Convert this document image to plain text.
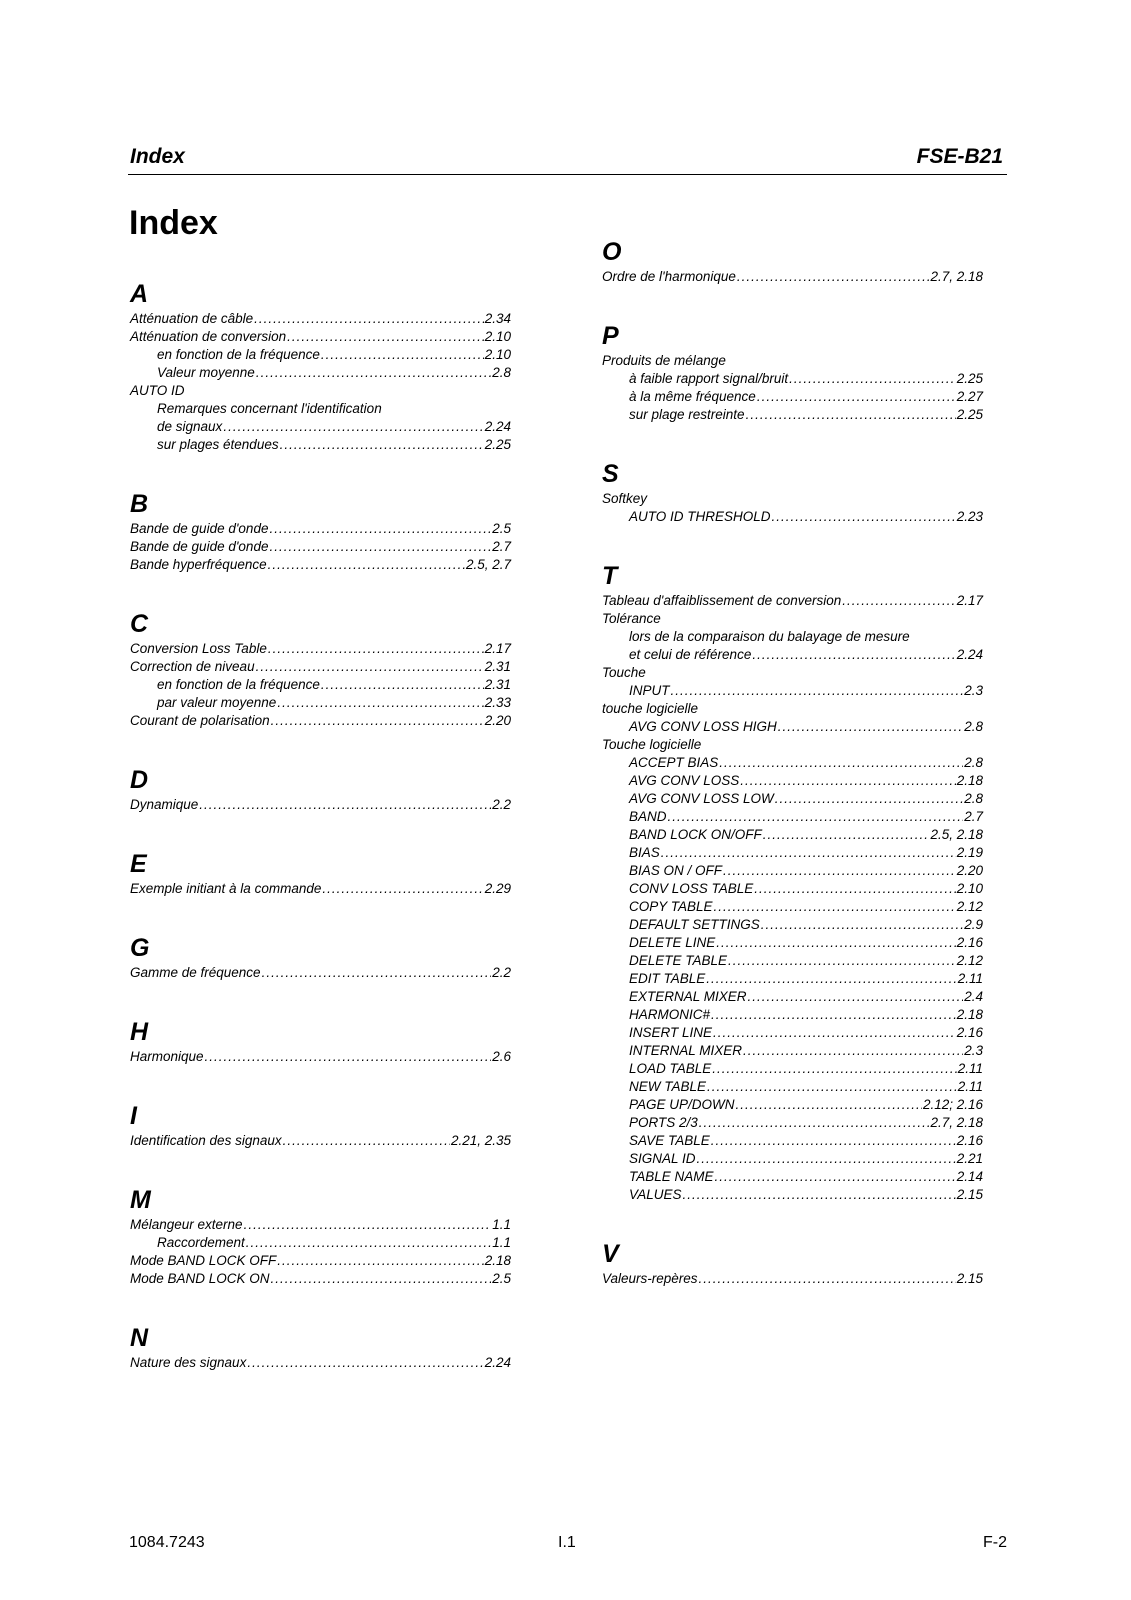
Index	FSE-B21
Index
A
Atténuation de câble .....	2.34
Atténuation de conversion .....	2.10
en fonction de la fréquence .....	2.10
Valeur moyenne .....	2.8
AUTO ID
Remarques concernant l'identification
de signaux .....	2.24
sur plages étendues .....	2.25
B
Bande de guide d'onde .....	2.5
Bande de guide d'onde .....	2.7
Bande hyperfréquence .....	2.5, 2.7
C
Conversion Loss Table .....	2.17
Correction de niveau .....	2.31
en fonction de la fréquence .....	2.31
par valeur moyenne .....	2.33
Courant de polarisation .....	2.20
D
Dynamique .....	2.2
E
Exemple initiant à la commande .....	2.29
G
Gamme de fréquence .....	2.2
H
Harmonique .....	2.6
I
Identification des signaux .....	2.21, 2.35
M
Mélangeur externe .....	1.1
Raccordement .....	1.1
Mode BAND LOCK OFF .....	2.18
Mode BAND LOCK ON .....	2.5
N
Nature des signaux .....	2.24
O
Ordre de l'harmonique .....	2.7, 2.18
P
Produits de mélange
à faible rapport signal/bruit .....	2.25
à la même fréquence .....	2.27
sur plage restreinte .....	2.25
S
Softkey
AUTO ID THRESHOLD .....	2.23
T
Tableau d'affaiblissement de conversion .....	2.17
Tolérance
lors de la comparaison du balayage de mesure
et celui de référence .....	2.24
Touche
INPUT .....	2.3
touche logicielle
AVG CONV LOSS HIGH .....	2.8
Touche logicielle
ACCEPT BIAS .....	2.8
AVG CONV LOSS .....	2.18
AVG CONV LOSS LOW .....	2.8
BAND .....	2.7
BAND LOCK ON/OFF .....	2.5, 2.18
BIAS .....	2.19
BIAS ON / OFF .....	2.20
CONV LOSS TABLE .....	2.10
COPY TABLE .....	2.12
DEFAULT SETTINGS .....	2.9
DELETE LINE .....	2.16
DELETE TABLE .....	2.12
EDIT TABLE .....	2.11
EXTERNAL MIXER .....	2.4
HARMONIC# .....	2.18
INSERT LINE .....	2.16
INTERNAL MIXER .....	2.3
LOAD TABLE .....	2.11
NEW TABLE .....	2.11
PAGE UP/DOWN .....	2.12; 2.16
PORTS 2/3 .....	2.7, 2.18
SAVE TABLE .....	2.16
SIGNAL ID .....	2.21
TABLE NAME .....	2.14
VALUES .....	2.15
V
Valeurs-repères .....	2.15
1084.7243	I.1	F-2
